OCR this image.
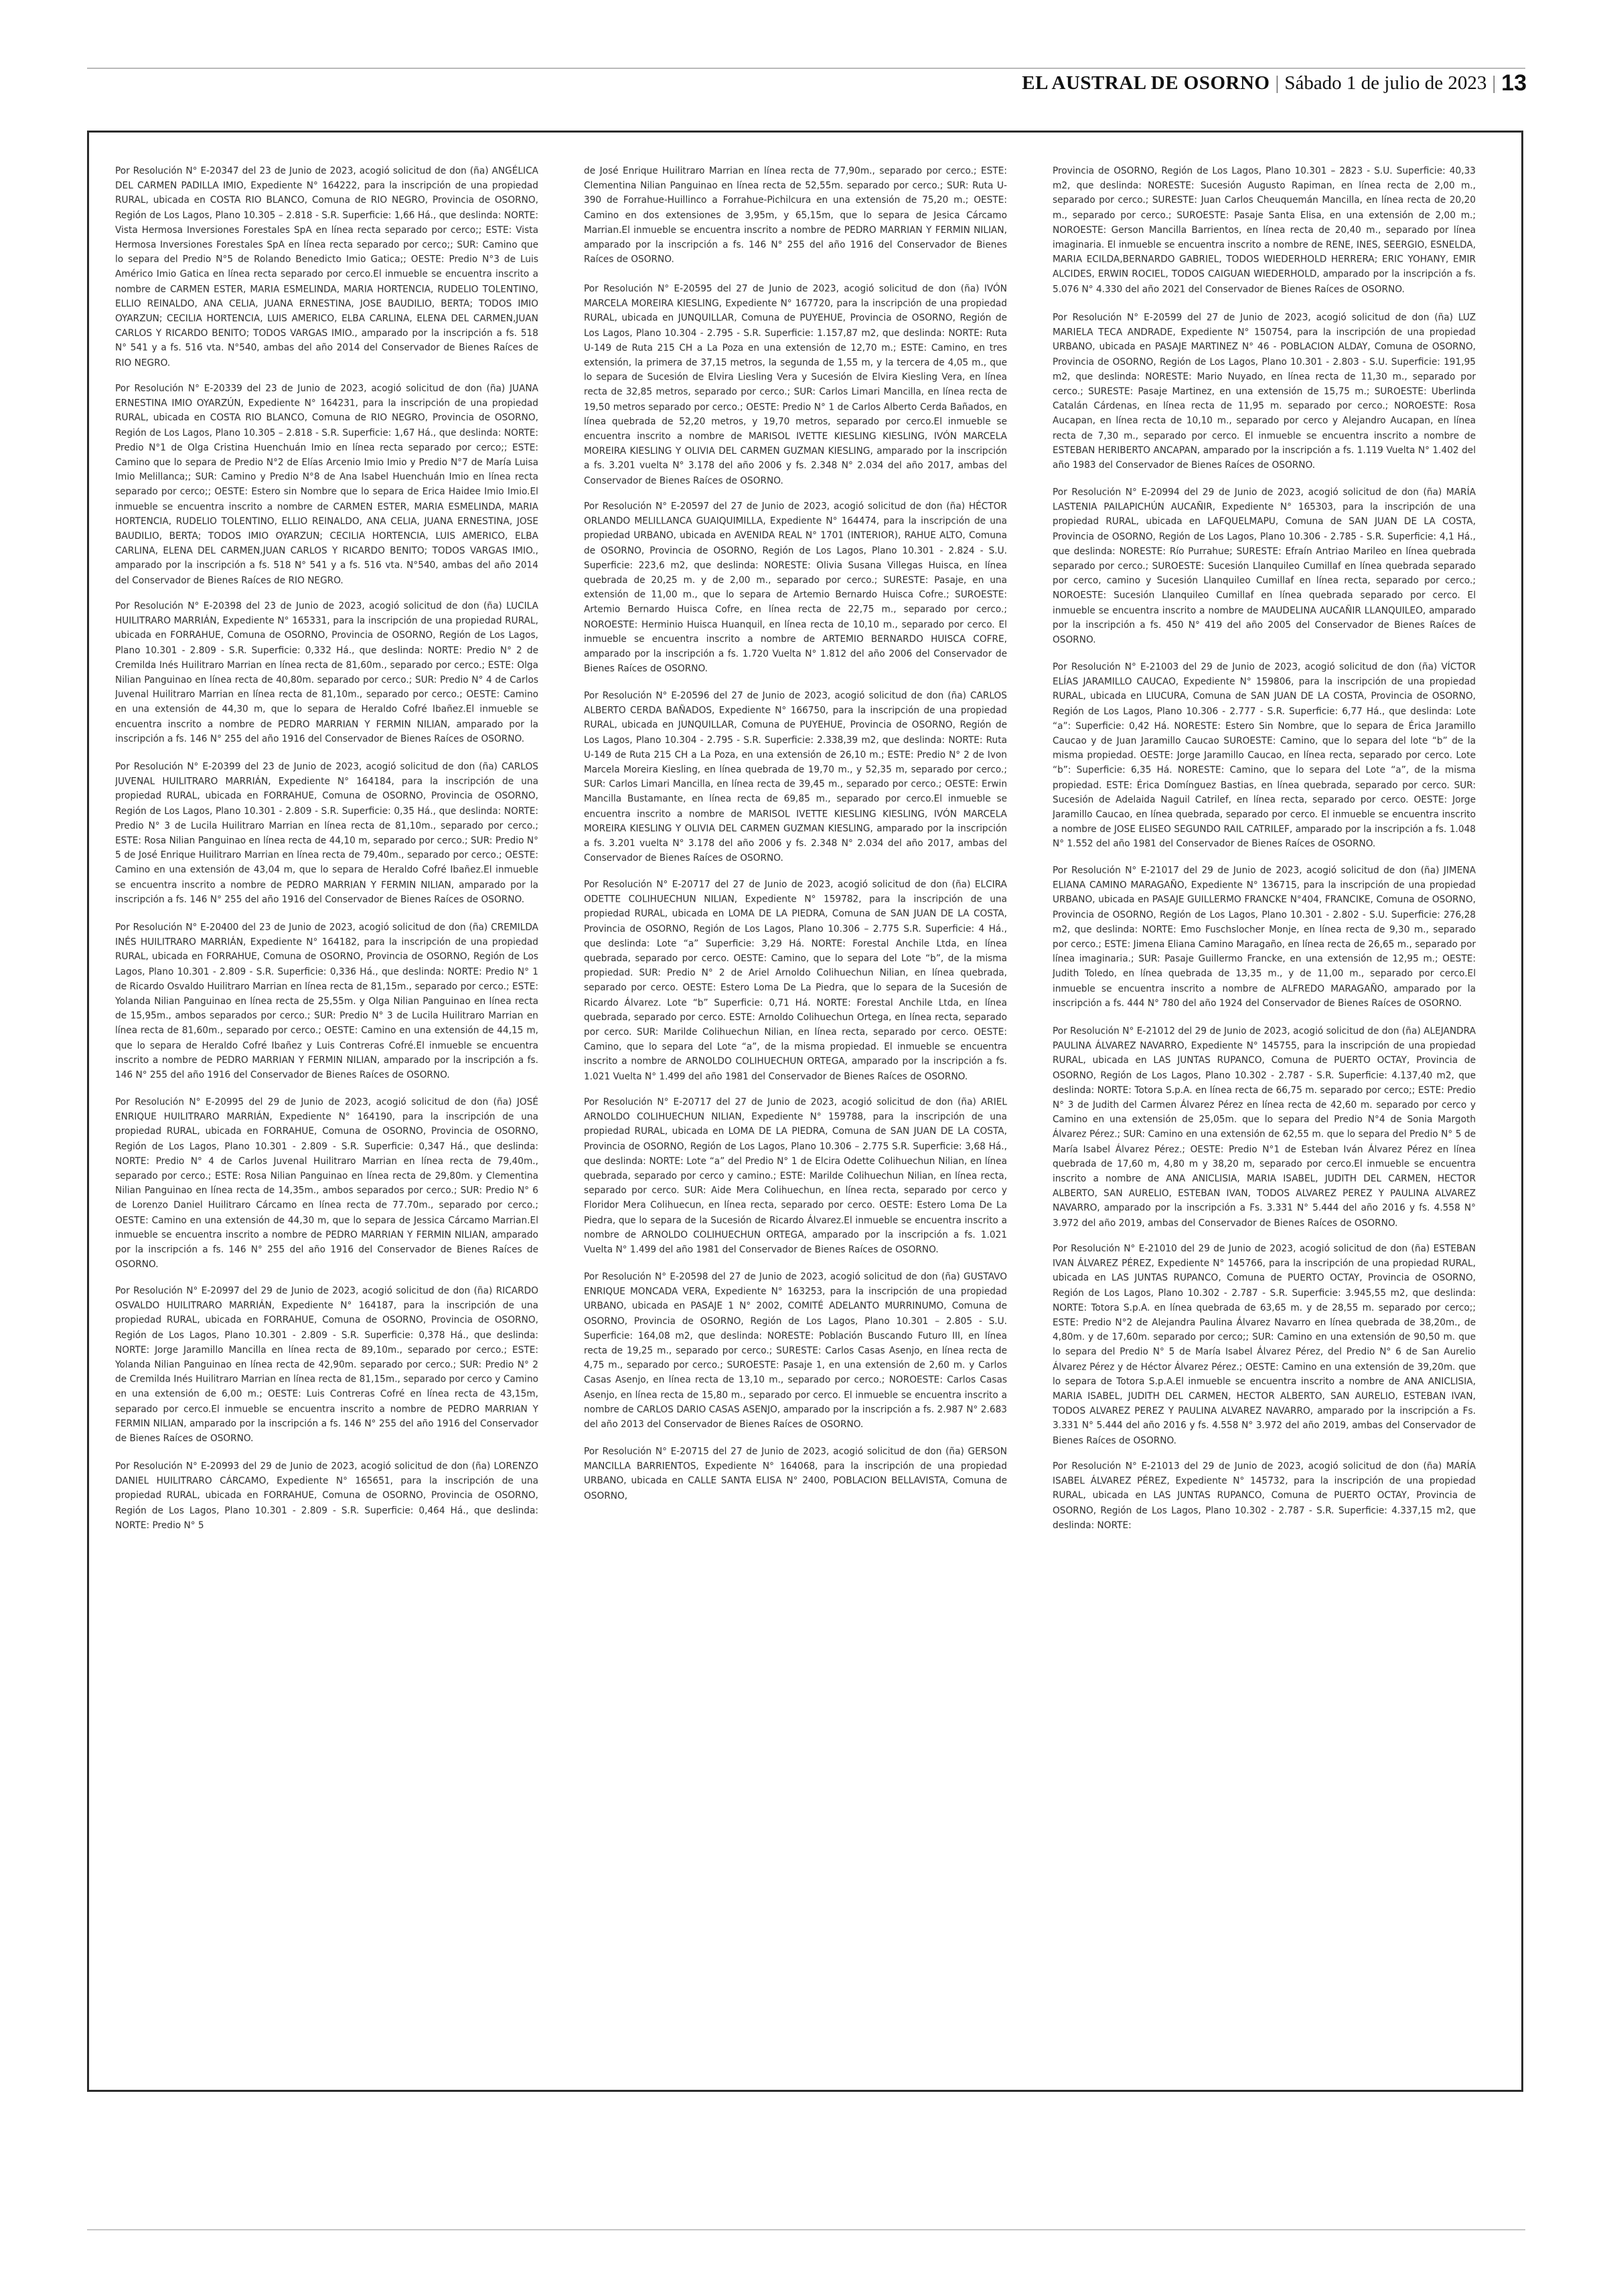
EL AUSTRAL DE OSORNO | Sábado 1 de julio de 2023 | 13

Por Resolución N° E-20347 del 23 de Junio de 2023, acogió solicitud de don (ña) ANGÉLICA DEL CARMEN PADILLA IMIO, Expediente N° 164222, para la inscripción de una propiedad RURAL, ubicada en COSTA RIO BLANCO, Comuna de RIO NEGRO, Provincia de OSORNO, Región de Los Lagos, Plano 10.305 – 2.818 - S.R. Superficie: 1,66 Há., que deslinda: NORTE: Vista Hermosa Inversiones Forestales SpA en línea recta separado por cerco;; ESTE: Vista Hermosa Inversiones Forestales SpA en línea recta separado por cerco;; SUR: Camino que lo separa del Predio N°5 de Rolando Benedicto Imio Gatica;; OESTE: Predio N°3 de Luis Américo Imio Gatica en línea recta separado por cerco.El inmueble se encuentra inscrito a nombre de CARMEN ESTER, MARIA ESMELINDA, MARIA HORTENCIA, RUDELIO TOLENTINO, ELLIO REINALDO, ANA CELIA, JUANA ERNESTINA, JOSE BAUDILIO, BERTA; TODOS IMIO OYARZUN; CECILIA HORTENCIA, LUIS AMERICO, ELBA CARLINA, ELENA DEL CARMEN,JUAN CARLOS Y RICARDO BENITO; TODOS VARGAS IMIO., amparado por la inscripción a fs. 518 N° 541 y a fs. 516 vta. N°540, ambas del año 2014 del Conservador de Bienes Raíces de RIO NEGRO.

Por Resolución N° E-20339 del 23 de Junio de 2023, acogió solicitud de don (ña) JUANA ERNESTINA IMIO OYARZÚN, Expediente N° 164231, para la inscripción de una propiedad RURAL, ubicada en COSTA RIO BLANCO, Comuna de RIO NEGRO, Provincia de OSORNO, Región de Los Lagos, Plano 10.305 – 2.818 - S.R. Superficie: 1,67 Há., que deslinda: NORTE: Predio N°1 de Olga Cristina Huenchuán Imio en línea recta separado por cerco;; ESTE: Camino que lo separa de Predio N°2 de Elías Arcenio Imio Imio y Predio N°7 de María Luisa Imio Melillanca;; SUR: Camino y Predio N°8 de Ana Isabel Huenchuán Imio en línea recta separado por cerco;; OESTE: Estero sin Nombre que lo separa de Erica Haidee Imio Imio.El inmueble se encuentra inscrito a nombre de CARMEN ESTER, MARIA ESMELINDA, MARIA HORTENCIA, RUDELIO TOLENTINO, ELLIO REINALDO, ANA CELIA, JUANA ERNESTINA, JOSE BAUDILIO, BERTA; TODOS IMIO OYARZUN; CECILIA HORTENCIA, LUIS AMERICO, ELBA CARLINA, ELENA DEL CARMEN,JUAN CARLOS Y RICARDO BENITO; TODOS VARGAS IMIO., amparado por la inscripción a fs. 518 N° 541 y a fs. 516 vta. N°540, ambas del año 2014 del Conservador de Bienes Raíces de RIO NEGRO.

Por Resolución N° E-20398 del 23 de Junio de 2023, acogió solicitud de don (ña) LUCILA HUILITRARO MARRIÁN, Expediente N° 165331, para la inscripción de una propiedad RURAL, ubicada en FORRAHUE, Comuna de OSORNO, Provincia de OSORNO, Región de Los Lagos, Plano 10.301 - 2.809 - S.R. Superficie: 0,332 Há., que deslinda: NORTE: Predio N° 2 de Cremilda Inés Huilitraro Marrian en línea recta de 81,60m., separado por cerco.; ESTE: Olga Nilian Panguinao en línea recta de 40,80m. separado por cerco.; SUR: Predio N° 4 de Carlos Juvenal Huilitraro Marrian en línea recta de 81,10m., separado por cerco.; OESTE: Camino en una extensión de 44,30 m, que lo separa de Heraldo Cofré Ibañez.El inmueble se encuentra inscrito a nombre de PEDRO MARRIAN Y FERMIN NILIAN, amparado por la inscripción a fs. 146 N° 255 del año 1916 del Conservador de Bienes Raíces de OSORNO.

Por Resolución N° E-20399 del 23 de Junio de 2023, acogió solicitud de don (ña) CARLOS JUVENAL HUILITRARO MARRIÁN, Expediente N° 164184, para la inscripción de una propiedad RURAL, ubicada en FORRAHUE, Comuna de OSORNO, Provincia de OSORNO, Región de Los Lagos, Plano 10.301 - 2.809 - S.R. Superficie: 0,35 Há., que deslinda: NORTE: Predio N° 3 de Lucila Huilitraro Marrian en línea recta de 81,10m., separado por cerco.; ESTE: Rosa Nilian Panguinao en línea recta de 44,10 m, separado por cerco.; SUR: Predio N° 5 de José Enrique Huilitraro Marrian en línea recta de 79,40m., separado por cerco.; OESTE: Camino en una extensión de 43,04 m, que lo separa de Heraldo Cofré Ibañez.El inmueble se encuentra inscrito a nombre de PEDRO MARRIAN Y FERMIN NILIAN, amparado por la inscripción a fs. 146 N° 255 del año 1916 del Conservador de Bienes Raíces de OSORNO.

Por Resolución N° E-20400 del 23 de Junio de 2023, acogió solicitud de don (ña) CREMILDA INÉS HUILITRARO MARRIÁN, Expediente N° 164182, para la inscripción de una propiedad RURAL, ubicada en FORRAHUE, Comuna de OSORNO, Provincia de OSORNO, Región de Los Lagos, Plano 10.301 - 2.809 - S.R. Superficie: 0,336 Há., que deslinda: NORTE: Predio N° 1 de Ricardo Osvaldo Huilitraro Marrian en línea recta de 81,15m., separado por cerco.; ESTE: Yolanda Nilian Panguinao en línea recta de 25,55m. y Olga Nilian Panguinao en línea recta de 15,95m., ambos separados por cerco.; SUR: Predio N° 3 de Lucila Huilitraro Marrian en línea recta de 81,60m., separado por cerco.; OESTE: Camino en una extensión de 44,15 m, que lo separa de Heraldo Cofré Ibañez y Luis Contreras Cofré.El inmueble se encuentra inscrito a nombre de PEDRO MARRIAN Y FERMIN NILIAN, amparado por la inscripción a fs. 146 N° 255 del año 1916 del Conservador de Bienes Raíces de OSORNO.

Por Resolución N° E-20995 del 29 de Junio de 2023, acogió solicitud de don (ña) JOSÉ ENRIQUE HUILITRARO MARRIÁN, Expediente N° 164190, para la inscripción de una propiedad RURAL, ubicada en FORRAHUE, Comuna de OSORNO, Provincia de OSORNO, Región de Los Lagos, Plano 10.301 - 2.809 - S.R. Superficie: 0,347 Há., que deslinda: NORTE: Predio N° 4 de Carlos Juvenal Huilitraro Marrian en línea recta de 79,40m., separado por cerco.; ESTE: Rosa Nilian Panguinao en línea recta de 29,80m. y Clementina Nilian Panguinao en línea recta de 14,35m., ambos separados por cerco.; SUR: Predio N° 6 de Lorenzo Daniel Huilitraro Cárcamo en línea recta de 77.70m., separado por cerco.; OESTE: Camino en una extensión de 44,30 m, que lo separa de Jessica Cárcamo Marrian.El inmueble se encuentra inscrito a nombre de PEDRO MARRIAN Y FERMIN NILIAN, amparado por la inscripción a fs. 146 N° 255 del año 1916 del Conservador de Bienes Raíces de OSORNO.

Por Resolución N° E-20997 del 29 de Junio de 2023, acogió solicitud de don (ña) RICARDO OSVALDO HUILITRARO MARRIÁN, Expediente N° 164187, para la inscripción de una propiedad RURAL, ubicada en FORRAHUE, Comuna de OSORNO, Provincia de OSORNO, Región de Los Lagos, Plano 10.301 - 2.809 - S.R. Superficie: 0,378 Há., que deslinda: NORTE: Jorge Jaramillo Mancilla en línea recta de 89,10m., separado por cerco.; ESTE: Yolanda Nilian Panguinao en línea recta de 42,90m. separado por cerco.; SUR: Predio N° 2 de Cremilda Inés Huilitraro Marrian en línea recta de 81,15m., separado por cerco y Camino en una extensión de 6,00 m.; OESTE: Luis Contreras Cofré en línea recta de 43,15m, separado por cerco.El inmueble se encuentra inscrito a nombre de PEDRO MARRIAN Y FERMIN NILIAN, amparado por la inscripción a fs. 146 N° 255 del año 1916 del Conservador de Bienes Raíces de OSORNO.

Por Resolución N° E-20993 del 29 de Junio de 2023, acogió solicitud de don (ña) LORENZO DANIEL HUILITRARO CÁRCAMO, Expediente N° 165651, para la inscripción de una propiedad RURAL, ubicada en FORRAHUE, Comuna de OSORNO, Provincia de OSORNO, Región de Los Lagos, Plano 10.301 - 2.809 - S.R. Superficie: 0,464 Há., que deslinda: NORTE: Predio N° 5

de José Enrique Huilitraro Marrian en línea recta de 77,90m., separado por cerco.; ESTE: Clementina Nilian Panguinao en línea recta de 52,55m. separado por cerco.; SUR: Ruta U-390 de Forrahue-Huillinco a Forrahue-Pichilcura en una extensión de 75,20 m.; OESTE: Camino en dos extensiones de 3,95m, y 65,15m, que lo separa de Jesica Cárcamo Marrian.El inmueble se encuentra inscrito a nombre de PEDRO MARRIAN Y FERMIN NILIAN, amparado por la inscripción a fs. 146 N° 255 del año 1916 del Conservador de Bienes Raíces de OSORNO.

Por Resolución N° E-20595 del 27 de Junio de 2023, acogió solicitud de don (ña) IVÓN MARCELA MOREIRA KIESLING, Expediente N° 167720, para la inscripción de una propiedad RURAL, ubicada en JUNQUILLAR, Comuna de PUYEHUE, Provincia de OSORNO, Región de Los Lagos, Plano 10.304 - 2.795 - S.R. Superficie: 1.157,87 m2, que deslinda: NORTE: Ruta U-149 de Ruta 215 CH a La Poza en una extensión de 12,70 m.; ESTE: Camino, en tres extensión, la primera de 37,15 metros, la segunda de 1,55 m, y la tercera de 4,05 m., que lo separa de Sucesión de Elvira Liesling Vera y Sucesión de Elvira Kiesling Vera, en línea recta de 32,85 metros, separado por cerco.; SUR: Carlos Limari Mancilla, en línea recta de 19,50 metros separado por cerco.; OESTE: Predio N° 1 de Carlos Alberto Cerda Bañados, en línea quebrada de 52,20 metros, y 19,70 metros, separado por cerco.El inmueble se encuentra inscrito a nombre de MARISOL IVETTE KIESLING KIESLING, IVÓN MARCELA MOREIRA KIESLING Y OLIVIA DEL CARMEN GUZMAN KIESLING, amparado por la inscripción a fs. 3.201 vuelta N° 3.178 del año 2006 y fs. 2.348 N° 2.034 del año 2017, ambas del Conservador de Bienes Raíces de OSORNO.

Por Resolución N° E-20597 del 27 de Junio de 2023, acogió solicitud de don (ña) HÉCTOR ORLANDO MELILLANCA GUAIQUIMILLA, Expediente N° 164474, para la inscripción de una propiedad URBANO, ubicada en AVENIDA REAL N° 1701 (INTERIOR), RAHUE ALTO, Comuna de OSORNO, Provincia de OSORNO, Región de Los Lagos, Plano 10.301 - 2.824 - S.U. Superficie: 223,6 m2, que deslinda: NORESTE: Olivia Susana Villegas Huisca, en línea quebrada de 20,25 m. y de 2,00 m., separado por cerco.; SURESTE: Pasaje, en una extensión de 11,00 m., que lo separa de Artemio Bernardo Huisca Cofre.; SUROESTE: Artemio Bernardo Huisca Cofre, en línea recta de 22,75 m., separado por cerco.; NOROESTE: Herminio Huisca Huanquil, en línea recta de 10,10 m., separado por cerco. El inmueble se encuentra inscrito a nombre de ARTEMIO BERNARDO HUISCA COFRE, amparado por la inscripción a fs. 1.720 Vuelta N° 1.812 del año 2006 del Conservador de Bienes Raíces de OSORNO.

Por Resolución N° E-20596 del 27 de Junio de 2023, acogió solicitud de don (ña) CARLOS ALBERTO CERDA BAÑADOS, Expediente N° 166750, para la inscripción de una propiedad RURAL, ubicada en JUNQUILLAR, Comuna de PUYEHUE, Provincia de OSORNO, Región de Los Lagos, Plano 10.304 - 2.795 - S.R. Superficie: 2.338,39 m2, que deslinda: NORTE: Ruta U-149 de Ruta 215 CH a La Poza, en una extensión de 26,10 m.; ESTE: Predio N° 2 de Ivon Marcela Moreira Kiesling, en línea quebrada de 19,70 m., y 52,35 m, separado por cerco.; SUR: Carlos Limari Mancilla, en línea recta de 39,45 m., separado por cerco.; OESTE: Erwin Mancilla Bustamante, en línea recta de 69,85 m., separado por cerco.El inmueble se encuentra inscrito a nombre de MARISOL IVETTE KIESLING KIESLING, IVÓN MARCELA MOREIRA KIESLING Y OLIVIA DEL CARMEN GUZMAN KIESLING, amparado por la inscripción a fs. 3.201 vuelta N° 3.178 del año 2006 y fs. 2.348 N° 2.034 del año 2017, ambas del Conservador de Bienes Raíces de OSORNO.

Por Resolución N° E-20717 del 27 de Junio de 2023, acogió solicitud de don (ña) ELCIRA ODETTE COLIHUECHUN NILIAN, Expediente N° 159782, para la inscripción de una propiedad RURAL, ubicada en LOMA DE LA PIEDRA, Comuna de SAN JUAN DE LA COSTA, Provincia de OSORNO, Región de Los Lagos, Plano 10.306 – 2.775 S.R. Superficie: 4 Há., que deslinda: Lote “a” Superficie: 3,29 Há. NORTE: Forestal Anchile Ltda, en línea quebrada, separado por cerco. OESTE: Camino, que lo separa del Lote “b”, de la misma propiedad. SUR: Predio N° 2 de Ariel Arnoldo Colihuechun Nilian, en línea quebrada, separado por cerco. OESTE: Estero Loma De La Piedra, que lo separa de la Sucesión de Ricardo Álvarez. Lote “b” Superficie: 0,71 Há. NORTE: Forestal Anchile Ltda, en línea quebrada, separado por cerco. ESTE: Arnoldo Colihuechun Ortega, en línea recta, separado por cerco. SUR: Marilde Colihuechun Nilian, en línea recta, separado por cerco. OESTE: Camino, que lo separa del Lote “a”, de la misma propiedad. El inmueble se encuentra inscrito a nombre de ARNOLDO COLIHUECHUN ORTEGA, amparado por la inscripción a fs. 1.021 Vuelta N° 1.499 del año 1981 del Conservador de Bienes Raíces de OSORNO.

Por Resolución N° E-20717 del 27 de Junio de 2023, acogió solicitud de don (ña) ARIEL ARNOLDO COLIHUECHUN NILIAN, Expediente N° 159788, para la inscripción de una propiedad RURAL, ubicada en LOMA DE LA PIEDRA, Comuna de SAN JUAN DE LA COSTA, Provincia de OSORNO, Región de Los Lagos, Plano 10.306 – 2.775 S.R. Superficie: 3,68 Há., que deslinda: NORTE: Lote “a” del Predio N° 1 de Elcira Odette Colihuechun Nilian, en línea quebrada, separado por cerco y camino.; ESTE: Marilde Colihuechun Nilian, en línea recta, separado por cerco. SUR: Aide Mera Colihuechun, en línea recta, separado por cerco y Floridor Mera Colihuecun, en línea recta, separado por cerco. OESTE: Estero Loma De La Piedra, que lo separa de la Sucesión de Ricardo Álvarez.El inmueble se encuentra inscrito a nombre de ARNOLDO COLIHUECHUN ORTEGA, amparado por la inscripción a fs. 1.021 Vuelta N° 1.499 del año 1981 del Conservador de Bienes Raíces de OSORNO.

Por Resolución N° E-20598 del 27 de Junio de 2023, acogió solicitud de don (ña) GUSTAVO ENRIQUE MONCADA VERA, Expediente N° 163253, para la inscripción de una propiedad URBANO, ubicada en PASAJE 1 N° 2002, COMITÉ ADELANTO MURRINUMO, Comuna de OSORNO, Provincia de OSORNO, Región de Los Lagos, Plano 10.301 – 2.805 - S.U. Superficie: 164,08 m2, que deslinda: NORESTE: Población Buscando Futuro III, en línea recta de 19,25 m., separado por cerco.; SURESTE: Carlos Casas Asenjo, en línea recta de 4,75 m., separado por cerco.; SUROESTE: Pasaje 1, en una extensión de 2,60 m. y Carlos Casas Asenjo, en línea recta de 13,10 m., separado por cerco.; NOROESTE: Carlos Casas Asenjo, en línea recta de 15,80 m., separado por cerco. El inmueble se encuentra inscrito a nombre de CARLOS DARIO CASAS ASENJO, amparado por la inscripción a fs. 2.987 N° 2.683 del año 2013 del Conservador de Bienes Raíces de OSORNO.

Por Resolución N° E-20715 del 27 de Junio de 2023, acogió solicitud de don (ña) GERSON MANCILLA BARRIENTOS, Expediente N° 164068, para la inscripción de una propiedad URBANO, ubicada en CALLE SANTA ELISA N° 2400, POBLACION BELLAVISTA, Comuna de OSORNO,

Provincia de OSORNO, Región de Los Lagos, Plano 10.301 – 2823 - S.U. Superficie: 40,33 m2, que deslinda: NORESTE: Sucesión Augusto Rapiman, en línea recta de 2,00 m., separado por cerco.; SURESTE: Juan Carlos Cheuquemán Mancilla, en línea recta de 20,20 m., separado por cerco.; SUROESTE: Pasaje Santa Elisa, en una extensión de 2,00 m.; NOROESTE: Gerson Mancilla Barrientos, en línea recta de 20,40 m., separado por línea imaginaria. El inmueble se encuentra inscrito a nombre de RENE, INES, SEERGIO, ESNELDA, MARIA ECILDA,BERNARDO GABRIEL, TODOS WIEDERHOLD HERRERA; ERIC YOHANY, EMIR ALCIDES, ERWIN ROCIEL, TODOS CAIGUAN WIEDERHOLD, amparado por la inscripción a fs. 5.076 N° 4.330 del año 2021 del Conservador de Bienes Raíces de OSORNO.

Por Resolución N° E-20599 del 27 de Junio de 2023, acogió solicitud de don (ña) LUZ MARIELA TECA ANDRADE, Expediente N° 150754, para la inscripción de una propiedad URBANO, ubicada en PASAJE MARTINEZ N° 46 - POBLACION ALDAY, Comuna de OSORNO, Provincia de OSORNO, Región de Los Lagos, Plano 10.301 - 2.803 - S.U. Superficie: 191,95 m2, que deslinda: NORESTE: Mario Nuyado, en línea recta de 11,30 m., separado por cerco.; SURESTE: Pasaje Martinez, en una extensión de 15,75 m.; SUROESTE: Uberlinda Catalán Cárdenas, en línea recta de 11,95 m. separado por cerco.; NOROESTE: Rosa Aucapan, en línea recta de 10,10 m., separado por cerco y Alejandro Aucapan, en línea recta de 7,30 m., separado por cerco. El inmueble se encuentra inscrito a nombre de ESTEBAN HERIBERTO ANCAPAN, amparado por la inscripción a fs. 1.119 Vuelta N° 1.402 del año 1983 del Conservador de Bienes Raíces de OSORNO.

Por Resolución N° E-20994 del 29 de Junio de 2023, acogió solicitud de don (ña) MARÍA LASTENIA PAILAPICHÚN AUCAÑIR, Expediente N° 165303, para la inscripción de una propiedad RURAL, ubicada en LAFQUELMAPU, Comuna de SAN JUAN DE LA COSTA, Provincia de OSORNO, Región de Los Lagos, Plano 10.306 - 2.785 - S.R. Superficie: 4,1 Há., que deslinda: NORESTE: Río Purrahue; SURESTE: Efraín Antriao Marileo en línea quebrada separado por cerco.; SUROESTE: Sucesión Llanquileo Cumillaf en línea quebrada separado por cerco, camino y Sucesión Llanquileo Cumillaf en línea recta, separado por cerco.; NOROESTE: Sucesión Llanquileo Cumillaf en línea quebrada separado por cerco. El inmueble se encuentra inscrito a nombre de MAUDELINA AUCAÑIR LLANQUILEO, amparado por la inscripción a fs. 450 N° 419 del año 2005 del Conservador de Bienes Raíces de OSORNO.

Por Resolución N° E-21003 del 29 de Junio de 2023, acogió solicitud de don (ña) VÍCTOR ELÍAS JARAMILLO CAUCAO, Expediente N° 159806, para la inscripción de una propiedad RURAL, ubicada en LIUCURA, Comuna de SAN JUAN DE LA COSTA, Provincia de OSORNO, Región de Los Lagos, Plano 10.306 - 2.777 - S.R. Superficie: 6,77 Há., que deslinda: Lote “a”: Superficie: 0,42 Há. NORESTE: Estero Sin Nombre, que lo separa de Érica Jaramillo Caucao y de Juan Jaramillo Caucao SUROESTE: Camino, que lo separa del lote “b” de la misma propiedad. OESTE: Jorge Jaramillo Caucao, en línea recta, separado por cerco. Lote “b”: Superficie: 6,35 Há. NORESTE: Camino, que lo separa del Lote “a”, de la misma propiedad. ESTE: Érica Domínguez Bastias, en línea quebrada, separado por cerco. SUR: Sucesión de Adelaida Naguil Catrilef, en línea recta, separado por cerco. OESTE: Jorge Jaramillo Caucao, en línea quebrada, separado por cerco. El inmueble se encuentra inscrito a nombre de JOSE ELISEO SEGUNDO RAIL CATRILEF, amparado por la inscripción a fs. 1.048 N° 1.552 del año 1981 del Conservador de Bienes Raíces de OSORNO.

Por Resolución N° E-21017 del 29 de Junio de 2023, acogió solicitud de don (ña) JIMENA ELIANA CAMINO MARAGAÑO, Expediente N° 136715, para la inscripción de una propiedad URBANO, ubicada en PASAJE GUILLERMO FRANCKE N°404, FRANCIKE, Comuna de OSORNO, Provincia de OSORNO, Región de Los Lagos, Plano 10.301 - 2.802 - S.U. Superficie: 276,28 m2, que deslinda: NORTE: Emo Fuschslocher Monje, en línea recta de 9,30 m., separado por cerco.; ESTE: Jimena Eliana Camino Maragaño, en línea recta de 26,65 m., separado por línea imaginaria.; SUR: Pasaje Guillermo Francke, en una extensión de 12,95 m.; OESTE: Judith Toledo, en línea quebrada de 13,35 m., y de 11,00 m., separado por cerco.El inmueble se encuentra inscrito a nombre de ALFREDO MARAGAÑO, amparado por la inscripción a fs. 444 N° 780 del año 1924 del Conservador de Bienes Raíces de OSORNO.

Por Resolución N° E-21012 del 29 de Junio de 2023, acogió solicitud de don (ña) ALEJANDRA PAULINA ÁLVAREZ NAVARRO, Expediente N° 145755, para la inscripción de una propiedad RURAL, ubicada en LAS JUNTAS RUPANCO, Comuna de PUERTO OCTAY, Provincia de OSORNO, Región de Los Lagos, Plano 10.302 - 2.787 - S.R. Superficie: 4.137,40 m2, que deslinda: NORTE: Totora S.p.A. en línea recta de 66,75 m. separado por cerco;; ESTE: Predio N° 3 de Judith del Carmen Álvarez Pérez en línea recta de 42,60 m. separado por cerco y Camino en una extensión de 25,05m. que lo separa del Predio N°4 de Sonia Margoth Álvarez Pérez.; SUR: Camino en una extensión de 62,55 m. que lo separa del Predio N° 5 de María Isabel Álvarez Pérez.; OESTE: Predio N°1 de Esteban Iván Álvarez Pérez en línea quebrada de 17,60 m, 4,80 m y 38,20 m, separado por cerco.El inmueble se encuentra inscrito a nombre de ANA ANICLISIA, MARIA ISABEL, JUDITH DEL CARMEN, HECTOR ALBERTO, SAN AURELIO, ESTEBAN IVAN, TODOS ALVAREZ PEREZ Y PAULINA ALVAREZ NAVARRO, amparado por la inscripción a Fs. 3.331 N° 5.444 del año 2016 y fs. 4.558 N° 3.972 del año 2019, ambas del Conservador de Bienes Raíces de OSORNO.

Por Resolución N° E-21010 del 29 de Junio de 2023, acogió solicitud de don (ña) ESTEBAN IVAN ÁLVAREZ PÉREZ, Expediente N° 145766, para la inscripción de una propiedad RURAL, ubicada en LAS JUNTAS RUPANCO, Comuna de PUERTO OCTAY, Provincia de OSORNO, Región de Los Lagos, Plano 10.302 - 2.787 - S.R. Superficie: 3.945,55 m2, que deslinda: NORTE: Totora S.p.A. en línea quebrada de 63,65 m. y de 28,55 m. separado por cerco;; ESTE: Predio N°2 de Alejandra Paulina Álvarez Navarro en línea quebrada de 38,20m., de 4,80m. y de 17,60m. separado por cerco;; SUR: Camino en una extensión de 90,50 m. que lo separa del Predio N° 5 de María Isabel Álvarez Pérez, del Predio N° 6 de San Aurelio Álvarez Pérez y de Héctor Álvarez Pérez.; OESTE: Camino en una extensión de 39,20m. que lo separa de Totora S.p.A.El inmueble se encuentra inscrito a nombre de ANA ANICLISIA, MARIA ISABEL, JUDITH DEL CARMEN, HECTOR ALBERTO, SAN AURELIO, ESTEBAN IVAN, TODOS ALVAREZ PEREZ Y PAULINA ALVAREZ NAVARRO, amparado por la inscripción a Fs. 3.331 N° 5.444 del año 2016 y fs. 4.558 N° 3.972 del año 2019, ambas del Conservador de Bienes Raíces de OSORNO.

Por Resolución N° E-21013 del 29 de Junio de 2023, acogió solicitud de don (ña) MARÍA ISABEL ÁLVAREZ PÉREZ, Expediente N° 145732, para la inscripción de una propiedad RURAL, ubicada en LAS JUNTAS RUPANCO, Comuna de PUERTO OCTAY, Provincia de OSORNO, Región de Los Lagos, Plano 10.302 - 2.787 - S.R. Superficie: 4.337,15 m2, que deslinda: NORTE:
